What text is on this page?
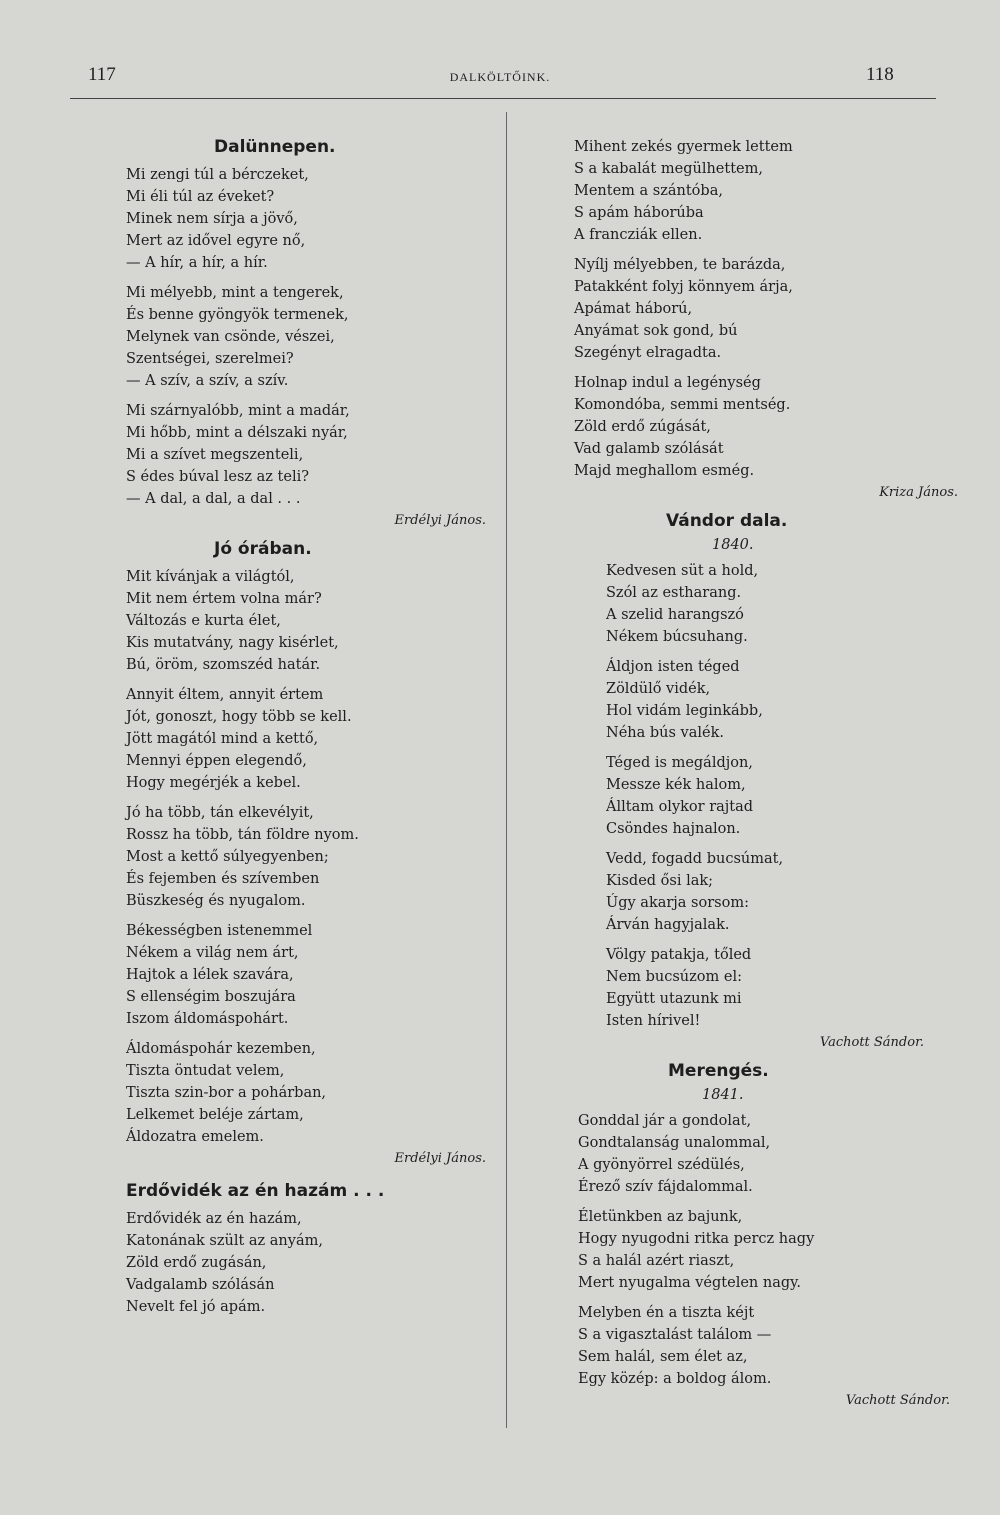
117	DALKÖLTŐINK.	118
Dalünnepen.
Mi zengi túl a bérczeket,
Mi éli túl az éveket?
Minek nem sírja a jövő,
Mert az idővel egyre nő,
— A hír, a hír, a hír.
Mi mélyebb, mint a tengerek,
És benne gyöngyök termenek,
Melynek van csönde, vészei,
Szentségei, szerelmei?
— A szív, a szív, a szív.
Mi szárnyalóbb, mint a madár,
Mi hőbb, mint a délszaki nyár,
Mi a szívet megszenteli,
S édes búval lesz az teli?
— A dal, a dal, a dal . . .
Erdélyi János.
Jó órában.
Mit kívánjak a világtól,
Mit nem értem volna már?
Változás e kurta élet,
Kis mutatvány, nagy kisérlet,
Bú, öröm, szomszéd határ.
Annyit éltem, annyit értem
Jót, gonoszt, hogy több se kell.
Jött magától mind a kettő,
Mennyi éppen elegendő,
Hogy megérjék a kebel.
Jó ha több, tán elkevélyit,
Rossz ha több, tán földre nyom.
Most a kettő súlyegyenben;
És fejemben és szívemben
Büszkeség és nyugalom.
Békességben istenemmel
Nékem a világ nem árt,
Hajtok a lélek szavára,
S ellenségim boszujára
Iszom áldomáspohárt.
Áldomáspohár kezemben,
Tiszta öntudat velem,
Tiszta szin-bor a pohárban,
Lelkemet beléje zártam,
Áldozatra emelem.
Erdélyi János.
Erdővidék az én hazám . . .
Erdővidék az én hazám,
Katonának szült az anyám,
Zöld erdő zugásán,
Vadgalamb szólásán
Nevelt fel jó apám.
Mihent zekés gyermek lettem
S a kabalát megülhettem,
Mentem a szántóba,
S apám háborúba
A francziák ellen.
Nyílj mélyebben, te barázda,
Patakként folyj könnyem árja,
Apámat háború,
Anyámat sok gond, bú
Szegényt elragadta.
Holnap indul a legénység
Komondóba, semmi mentség.
Zöld erdő zúgását,
Vad galamb szólását
Majd meghallom esmég.
Kriza János.
Vándor dala.
1840.
Kedvesen süt a hold,
Szól az estharang.
A szelid harangszó
Nékem búcsuhang.
Áldjon isten téged
Zöldülő vidék,
Hol vidám leginkább,
Néha bús valék.
Téged is megáldjon,
Messze kék halom,
Álltam olykor rajtad
Csöndes hajnalon.
Vedd, fogadd bucsúmat,
Kisded ősi lak;
Úgy akarja sorsom:
Árván hagyjalak.
Völgy patakja, tőled
Nem bucsúzom el:
Együtt utazunk mi
Isten hírivel!
Vachott Sándor.
Merengés.
1841.
Gonddal jár a gondolat,
Gondtalanság unalommal,
A gyönyörrel szédülés,
Érező szív fájdalommal.
Életünkben az bajunk,
Hogy nyugodni ritka percz hagy
S a halál azért riaszt,
Mert nyugalma végtelen nagy.
Melyben én a tiszta kéjt
S a vigasztalást találom —
Sem halál, sem élet az,
Egy közép: a boldog álom.
Vachott Sándor.
